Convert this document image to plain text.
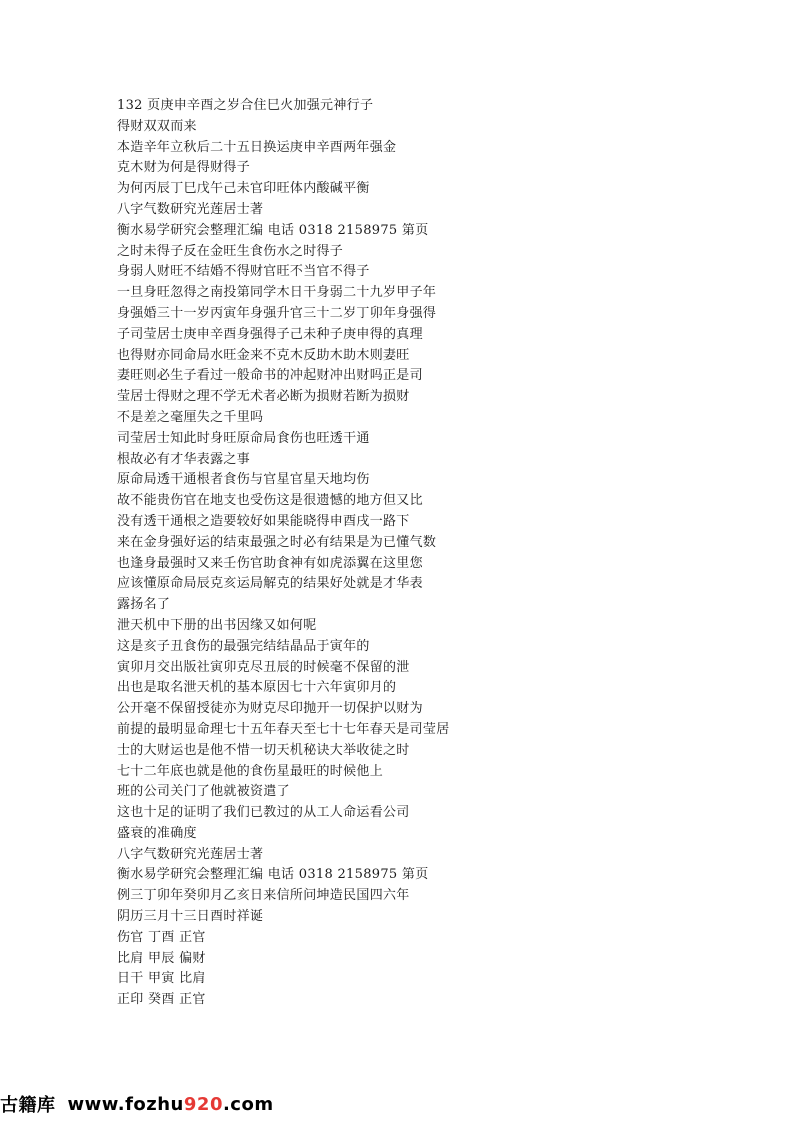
132 页庚申辛酉之岁合住巳火加强元神行子
得财双双而来
本造辛年立秋后二十五日换运庚申辛酉两年强金
克木财为何是得财得子
为何丙辰丁巳戊午己未官印旺体内酸碱平衡
八字气数研究光莲居士著
衡水易学研究会整理汇编 电话 0318 2158975 第页
之时未得子反在金旺生食伤水之时得子
身弱人财旺不结婚不得财官旺不当官不得子
一旦身旺忽得之南投第同学木日干身弱二十九岁甲子年
身强婚三十一岁丙寅年身强升官三十二岁丁卯年身强得
子司莹居士庚申辛酉身强得子己未种子庚申得的真理
也得财亦同命局水旺金来不克木反助木助木则妻旺
妻旺则必生子看过一般命书的冲起财冲出财吗正是司
莹居士得财之理不学无术者必断为损财若断为损财
不是差之毫厘失之千里吗
司莹居士知此时身旺原命局食伤也旺透干通
根故必有才华表露之事
原命局透干通根者食伤与官星官星天地均伤
故不能贵伤官在地支也受伤这是很遗憾的地方但又比
没有透干通根之造要较好如果能晓得申酉戌一路下
来在金身强好运的结束最强之时必有结果是为已懂气数
也逢身最强时又来壬伤官助食神有如虎添翼在这里您
应该懂原命局辰克亥运局解克的结果好处就是才华表
露扬名了
泄天机中下册的出书因缘又如何呢
这是亥子丑食伤的最强完结结晶品于寅年的
寅卯月交出版社寅卯克尽丑辰的时候毫不保留的泄
出也是取名泄天机的基本原因七十六年寅卯月的
公开毫不保留授徒亦为财克尽印抛开一切保护以财为
前提的最明显命理七十五年春天至七十七年春天是司莹居
士的大财运也是他不惜一切天机秘诀大举收徒之时
七十二年底也就是他的食伤星最旺的时候他上
班的公司关门了他就被资遣了
这也十足的证明了我们已教过的从工人命运看公司
盛衰的准确度
八字气数研究光莲居士著
衡水易学研究会整理汇编 电话 0318 2158975 第页
例三丁卯年癸卯月乙亥日来信所问坤造民国四六年
阴历三月十三日酉时祥诞
伤官 丁酉 正官
比肩 甲辰 偏财
日干 甲寅 比肩
正印 癸酉 正官
古籍库 www.fozhu 920 .com
